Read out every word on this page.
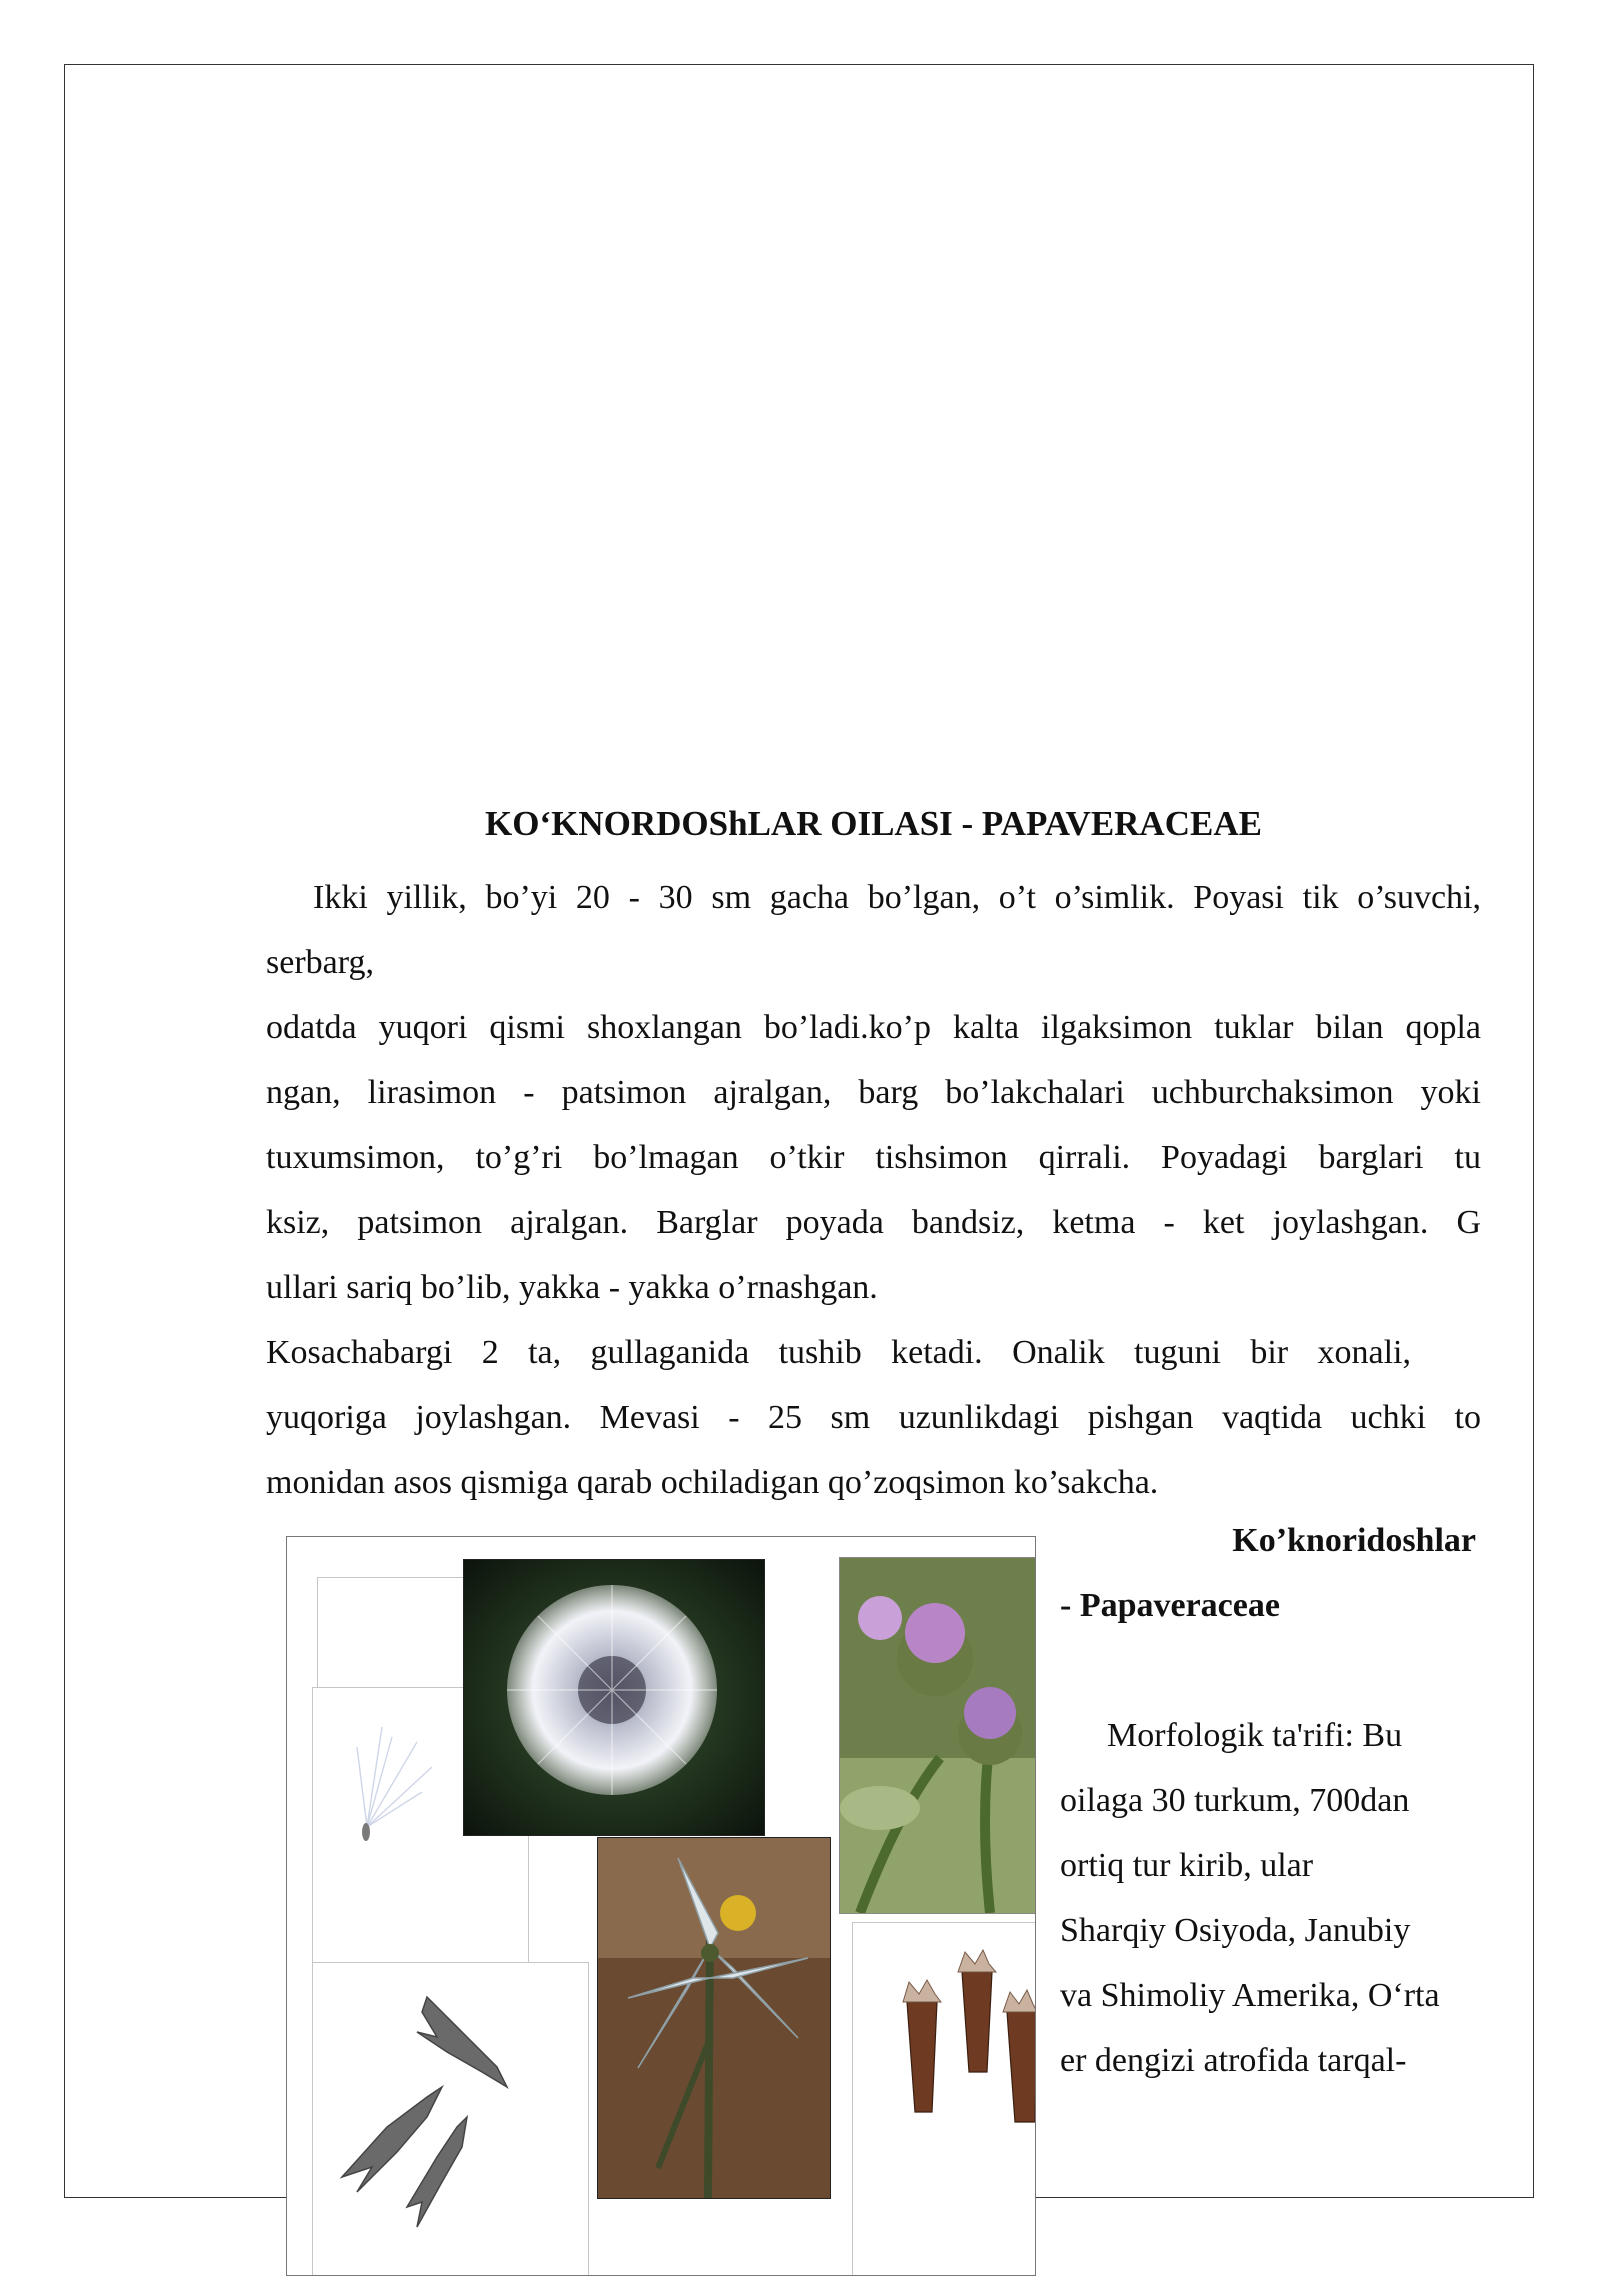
KO‘KNORDOShLAR OILASI - PAPAVERACEAE
Ikki yillik, bo’yi 20 - 30 sm gacha bo’lgan, o’t o’simlik. Poyasi tik o’suvchi,
serbarg,
odatda yuqori qismi shoxlangan bo’ladi.ko’p kalta ilgaksimon tuklar bilan qopla
ngan, lirasimon - patsimon ajralgan, barg bo’lakchalari uchburchaksimon yoki
tuxumsimon, to’g’ri bo’lmagan o’tkir tishsimon qirrali. Poyadagi barglari tu
ksiz, patsimon ajralgan. Barglar poyada bandsiz, ketma - ket joylashgan. G
ullari sariq bo’lib, yakka - yakka o’rnashgan.
Kosachabargi 2 ta, gullaganida tushib ketadi. Onalik tuguni bir xonali,
yuqoriga joylashgan. Mevasi - 25 sm uzunlikdagi pishgan vaqtida uchki to
monidan asos qismiga qarab ochiladigan qo’zoqsimon ko’sakcha.
Ko’knoridoshlar
- Papaveraceae
Morfologik ta'rifi: Bu
oilaga 30 turkum, 700dan
ortiq tur kirib, ular
Sharqiy Osiyoda, Janubiy
va Shimoliy Amerika, O‘rta
er dengizi atrofida tarqal-
